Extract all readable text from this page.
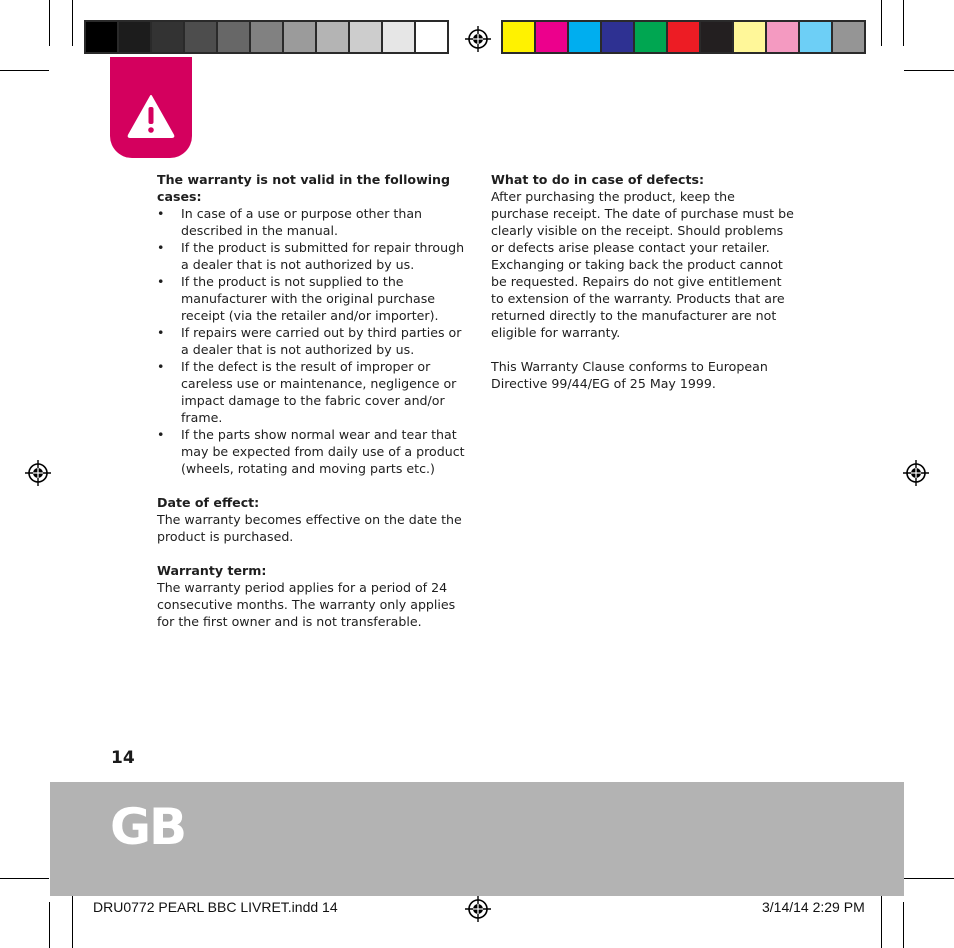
The warranty is not valid in the following cases:
• In case of a use or purpose other than described in the manual.
• If the product is submitted for repair through a dealer that is not authorized by us.
• If the product is not supplied to the manufacturer with the original purchase receipt (via the retailer and/or importer).
• If repairs were carried out by third parties or a dealer that is not authorized by us.
• If the defect is the result of improper or careless use or maintenance, negligence or impact damage to the fabric cover and/or frame.
• If the parts show normal wear and tear that may be expected from daily use of a product (wheels, rotating and moving parts etc.)
Date of effect:

The warranty becomes effective on the date the product is purchased.

Warranty term:

The warranty period applies for a period of 24 consecutive months. The warranty only applies for the first owner and is not transferable.

What to do in case of defects:

After purchasing the product, keep the purchase receipt. The date of purchase must be clearly visible on the receipt. Should problems or defects arise please contact your retailer. Exchanging or taking back the product cannot be requested. Repairs do not give entitlement to extension of the warranty. Products that are returned directly to the manufacturer are not eligible for warranty.

This Warranty Clause conforms to European Directive 99/44/EG of 25 May 1999.

14
GB
DRU0772 PEARL BBC LIVRET.indd 14	3/14/14 2:29 PM
